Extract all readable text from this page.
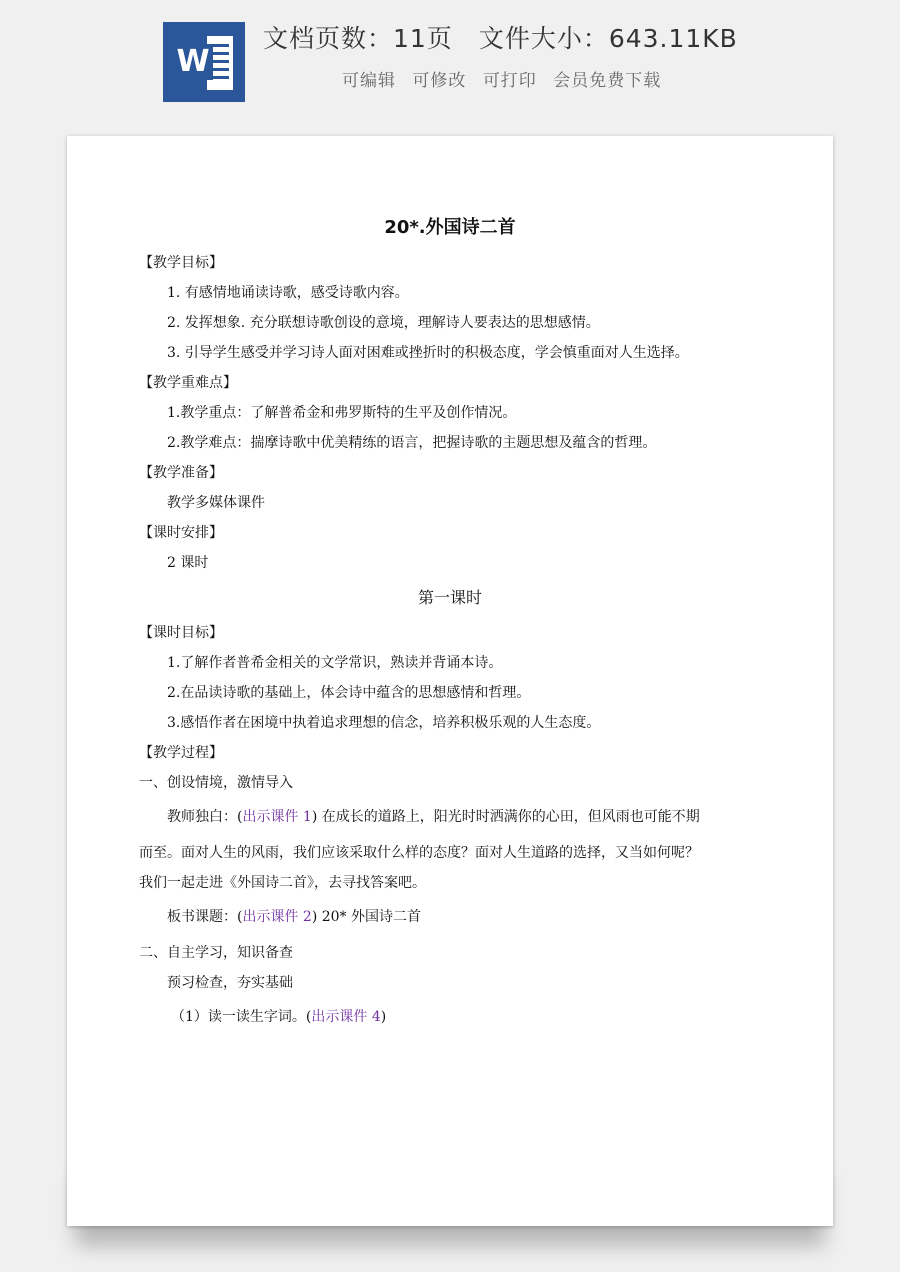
W
文档页数：11页 文件大小：643.11KB
可编辑 可修改 可打印 会员免费下载
20*.外国诗二首
【教学目标】
1. 有感情地诵读诗歌，感受诗歌内容。
2. 发挥想象. 充分联想诗歌创设的意境，理解诗人要表达的思想感情。
3. 引导学生感受并学习诗人面对困难或挫折时的积极态度，学会慎重面对人生选择。
【教学重难点】
1.教学重点：了解普希金和弗罗斯特的生平及创作情况。
2.教学难点：揣摩诗歌中优美精练的语言，把握诗歌的主题思想及蕴含的哲理。
【教学准备】
教学多媒体课件
【课时安排】
2 课时
第一课时
【课时目标】
1.了解作者普希金相关的文学常识，熟读并背诵本诗。
2.在品读诗歌的基础上，体会诗中蕴含的思想感情和哲理。
3.感悟作者在困境中执着追求理想的信念，培养积极乐观的人生态度。
【教学过程】
一、创设情境，激情导入
教师独白：(出示课件 1) 在成长的道路上，阳光时时洒满你的心田，但风雨也可能不期
而至。面对人生的风雨，我们应该采取什么样的态度？面对人生道路的选择，又当如何呢？
我们一起走进《外国诗二首》，去寻找答案吧。
板书课题：(出示课件 2) 20* 外国诗二首
二、自主学习，知识备查
预习检查，夯实基础
（1）读一读生字词。(出示课件 4)
